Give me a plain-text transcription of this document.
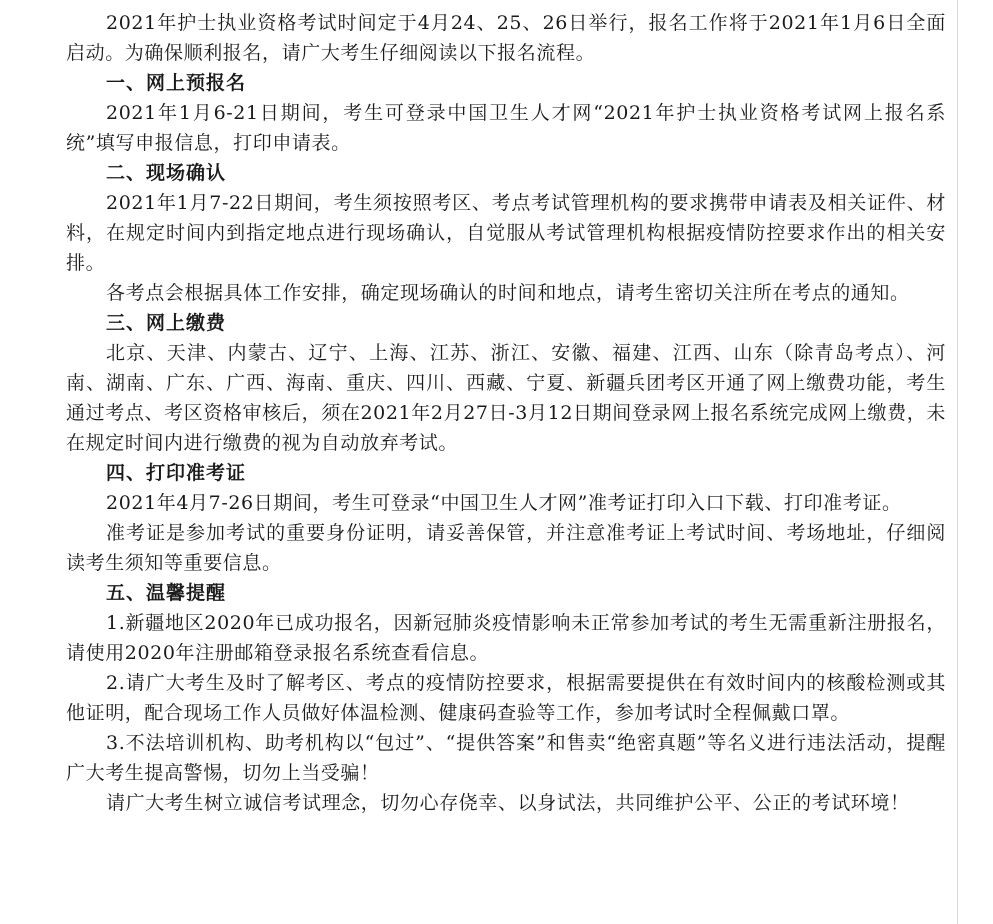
2021年护士执业资格考试时间定于4月24、25、26日举行，报名工作将于2021年1月6日全面启动。为确保顺利报名，请广大考生仔细阅读以下报名流程。

一、网上预报名

2021年1月6-21日期间，考生可登录中国卫生人才网“2021年护士执业资格考试网上报名系统”填写申报信息，打印申请表。

二、现场确认

2021年1月7-22日期间，考生须按照考区、考点考试管理机构的要求携带申请表及相关证件、材料，在规定时间内到指定地点进行现场确认，自觉服从考试管理机构根据疫情防控要求作出的相关安排。

各考点会根据具体工作安排，确定现场确认的时间和地点，请考生密切关注所在考点的通知。

三、网上缴费

北京、天津、内蒙古、辽宁、上海、江苏、浙江、安徽、福建、江西、山东（除青岛考点）、河南、湖南、广东、广西、海南、重庆、四川、西藏、宁夏、新疆兵团考区开通了网上缴费功能，考生通过考点、考区资格审核后，须在2021年2月27日-3月12日期间登录网上报名系统完成网上缴费，未在规定时间内进行缴费的视为自动放弃考试。

四、打印准考证

2021年4月7-26日期间，考生可登录“中国卫生人才网”准考证打印入口下载、打印准考证。

准考证是参加考试的重要身份证明，请妥善保管，并注意准考证上考试时间、考场地址，仔细阅读考生须知等重要信息。

五、温馨提醒

1.新疆地区2020年已成功报名，因新冠肺炎疫情影响未正常参加考试的考生无需重新注册报名，请使用2020年注册邮箱登录报名系统查看信息。

2.请广大考生及时了解考区、考点的疫情防控要求，根据需要提供在有效时间内的核酸检测或其他证明，配合现场工作人员做好体温检测、健康码查验等工作，参加考试时全程佩戴口罩。

3.不法培训机构、助考机构以“包过”、“提供答案”和售卖“绝密真题”等名义进行违法活动，提醒广大考生提高警惕，切勿上当受骗！

请广大考生树立诚信考试理念，切勿心存侥幸、以身试法，共同维护公平、公正的考试环境！
